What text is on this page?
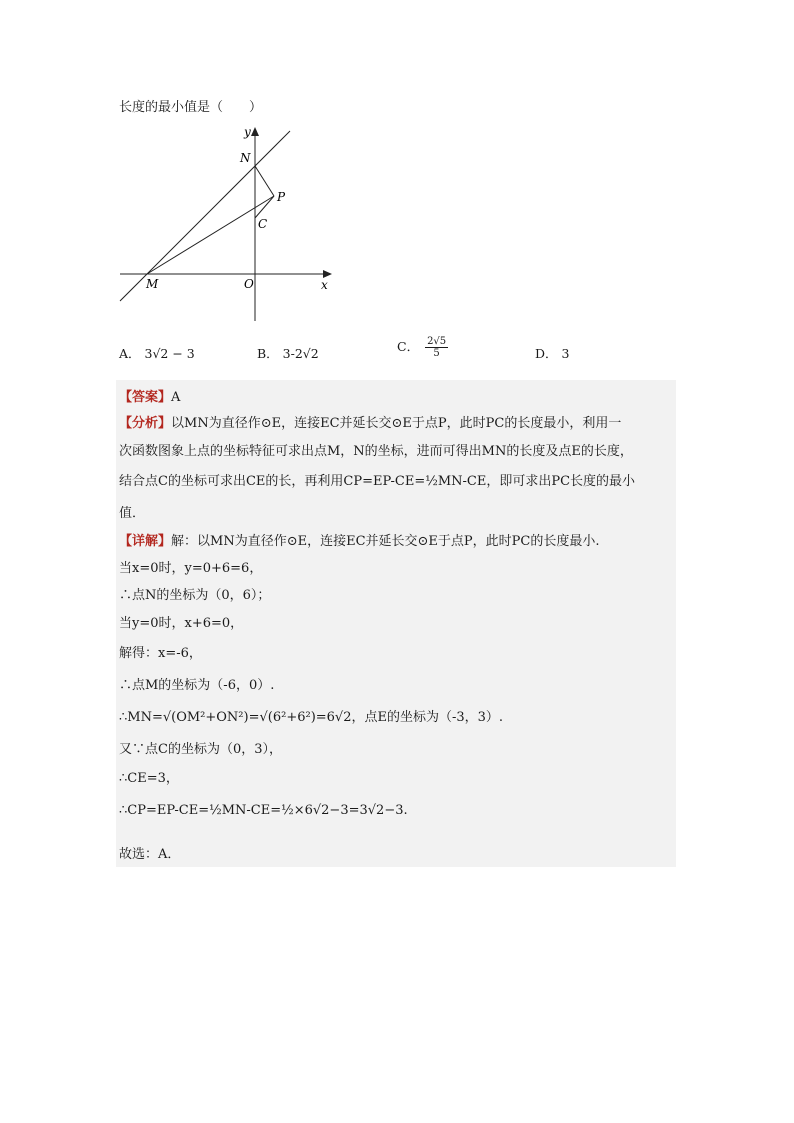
长度的最小值是（　　）
y
N
P
C
M	O	x
A． 3√2 − 3	B． 3-2√2	C． $\frac{2√5}{5}$	D． 3
【答案】A
【分析】以MN为直径作⊙E，连接EC并延长交⊙E于点P，此时PC的长度最小，利用一
次函数图象上点的坐标特征可求出点M，N的坐标，进而可得出MN的长度及点E的长度，
结合点C的坐标可求出CE的长，再利用CP=EP-CE=½MN-CE，即可求出PC长度的最小
值．
【详解】解：以MN为直径作⊙E，连接EC并延长交⊙E于点P，此时PC的长度最小.
当x=0时，y=0+6=6，
∴点N的坐标为（0，6）；
当y=0时，x+6=0，
解得：x=-6，
∴点M的坐标为（-6，0）.
∴MN=√(OM²+ON²)=√(6²+6²)=6√2，点E的坐标为（-3，3）.
又∵点C的坐标为（0，3），
∴CE=3，
∴CP=EP-CE=½MN-CE=½×6√2−3=3√2−3.
故选：A．
